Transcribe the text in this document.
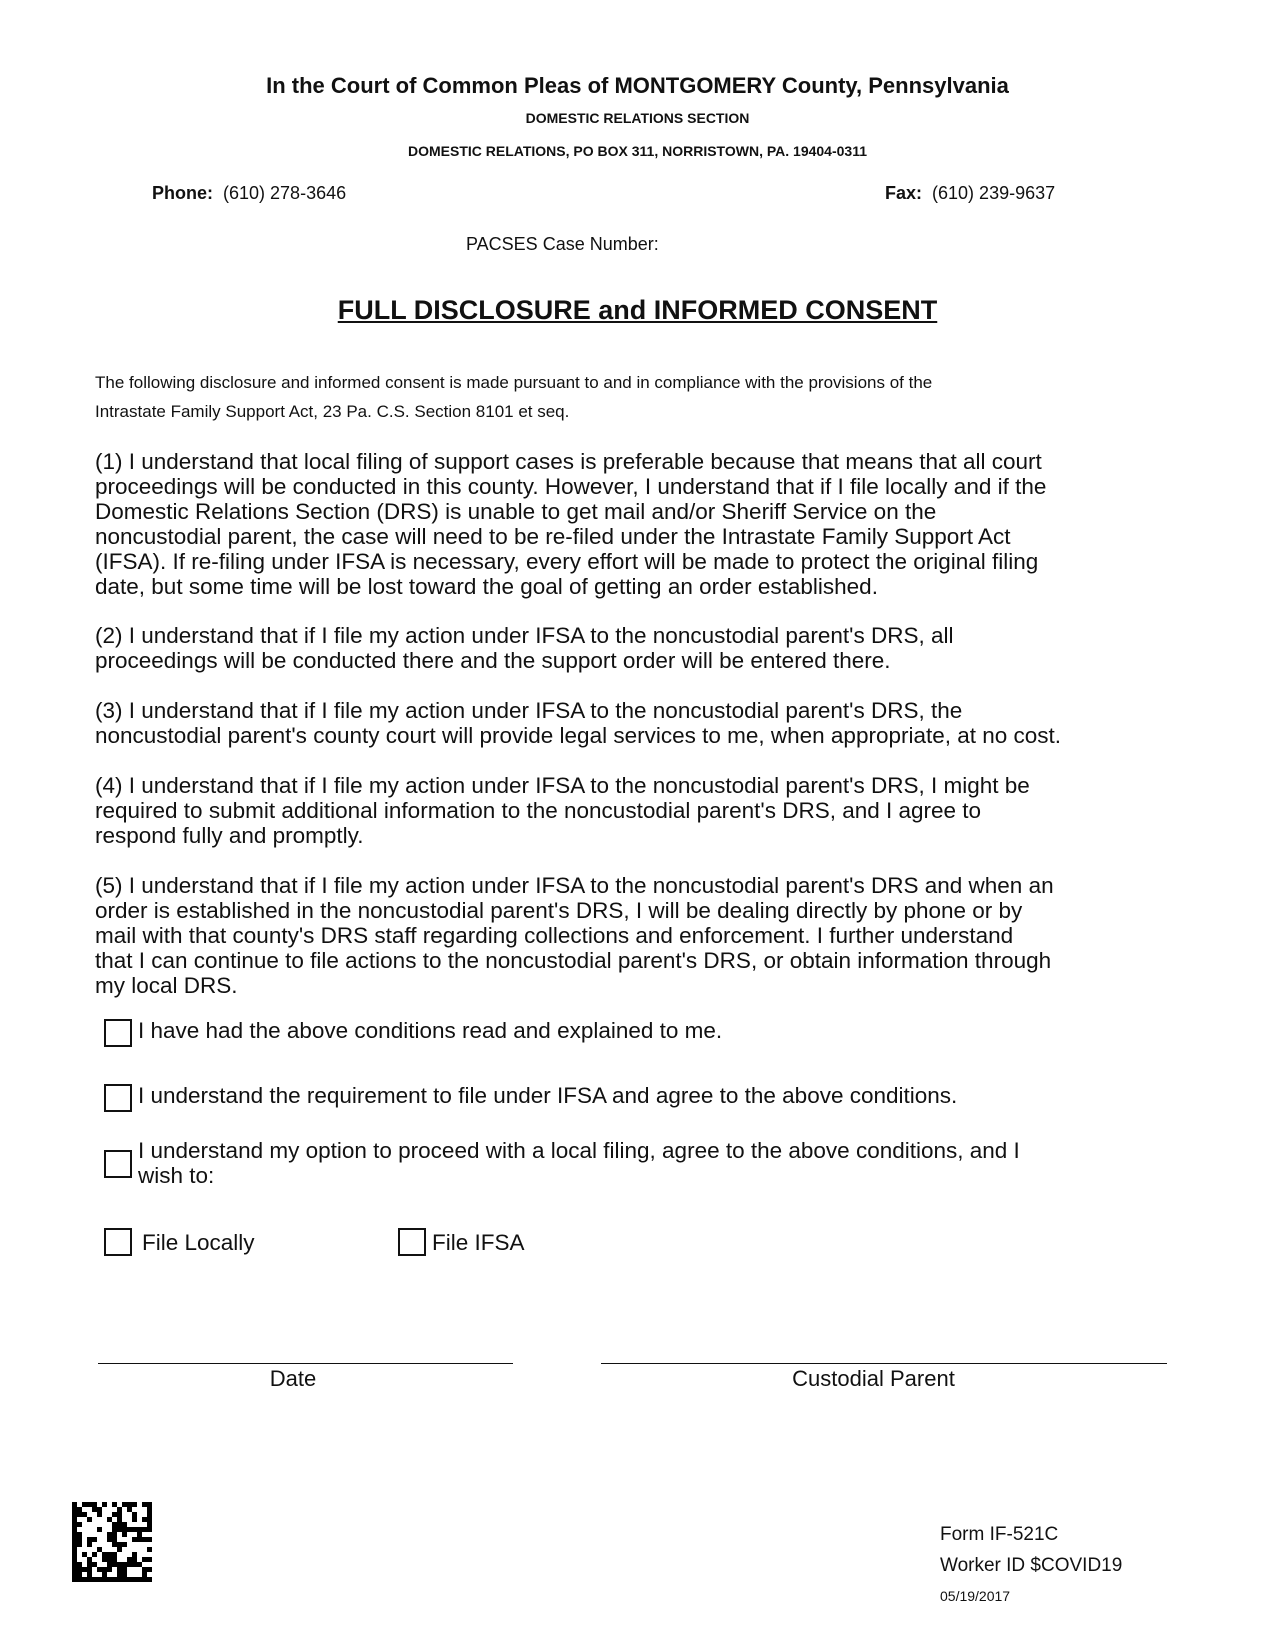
In the Court of Common Pleas of MONTGOMERY County, Pennsylvania
DOMESTIC RELATIONS SECTION
DOMESTIC RELATIONS, PO BOX 311, NORRISTOWN, PA. 19404-0311
Phone: (610) 278-3646	Fax: (610) 239-9637
PACSES Case Number:
FULL DISCLOSURE and INFORMED CONSENT
The following disclosure and informed consent is made pursuant to and in compliance with the provisions of the
Intrastate Family Support Act, 23 Pa. C.S. Section 8101 et seq.
(1) I understand that local filing of support cases is preferable because that means that all court
proceedings will be conducted in this county. However, I understand that if I file locally and if the
Domestic Relations Section (DRS) is unable to get mail and/or Sheriff Service on the
noncustodial parent, the case will need to be re-filed under the Intrastate Family Support Act
(IFSA). If re-filing under IFSA is necessary, every effort will be made to protect the original filing
date, but some time will be lost toward the goal of getting an order established.
(2) I understand that if I file my action under IFSA to the noncustodial parent's DRS, all
proceedings will be conducted there and the support order will be entered there.
(3) I understand that if I file my action under IFSA to the noncustodial parent's DRS, the
noncustodial parent's county court will provide legal services to me, when appropriate, at no cost.
(4) I understand that if I file my action under IFSA to the noncustodial parent's DRS, I might be
required to submit additional information to the noncustodial parent's DRS, and I agree to
respond fully and promptly.
(5) I understand that if I file my action under IFSA to the noncustodial parent's DRS and when an
order is established in the noncustodial parent's DRS, I will be dealing directly by phone or by
mail with that county's DRS staff regarding collections and enforcement. I further understand
that I can continue to file actions to the noncustodial parent's DRS, or obtain information through
my local DRS.
I have had the above conditions read and explained to me.
I understand the requirement to file under IFSA and agree to the above conditions.
I understand my option to proceed with a local filing, agree to the above conditions, and I
wish to:
File Locally	File IFSA
Date	Custodial Parent
Form IF-521C
Worker ID $COVID19
05/19/2017
